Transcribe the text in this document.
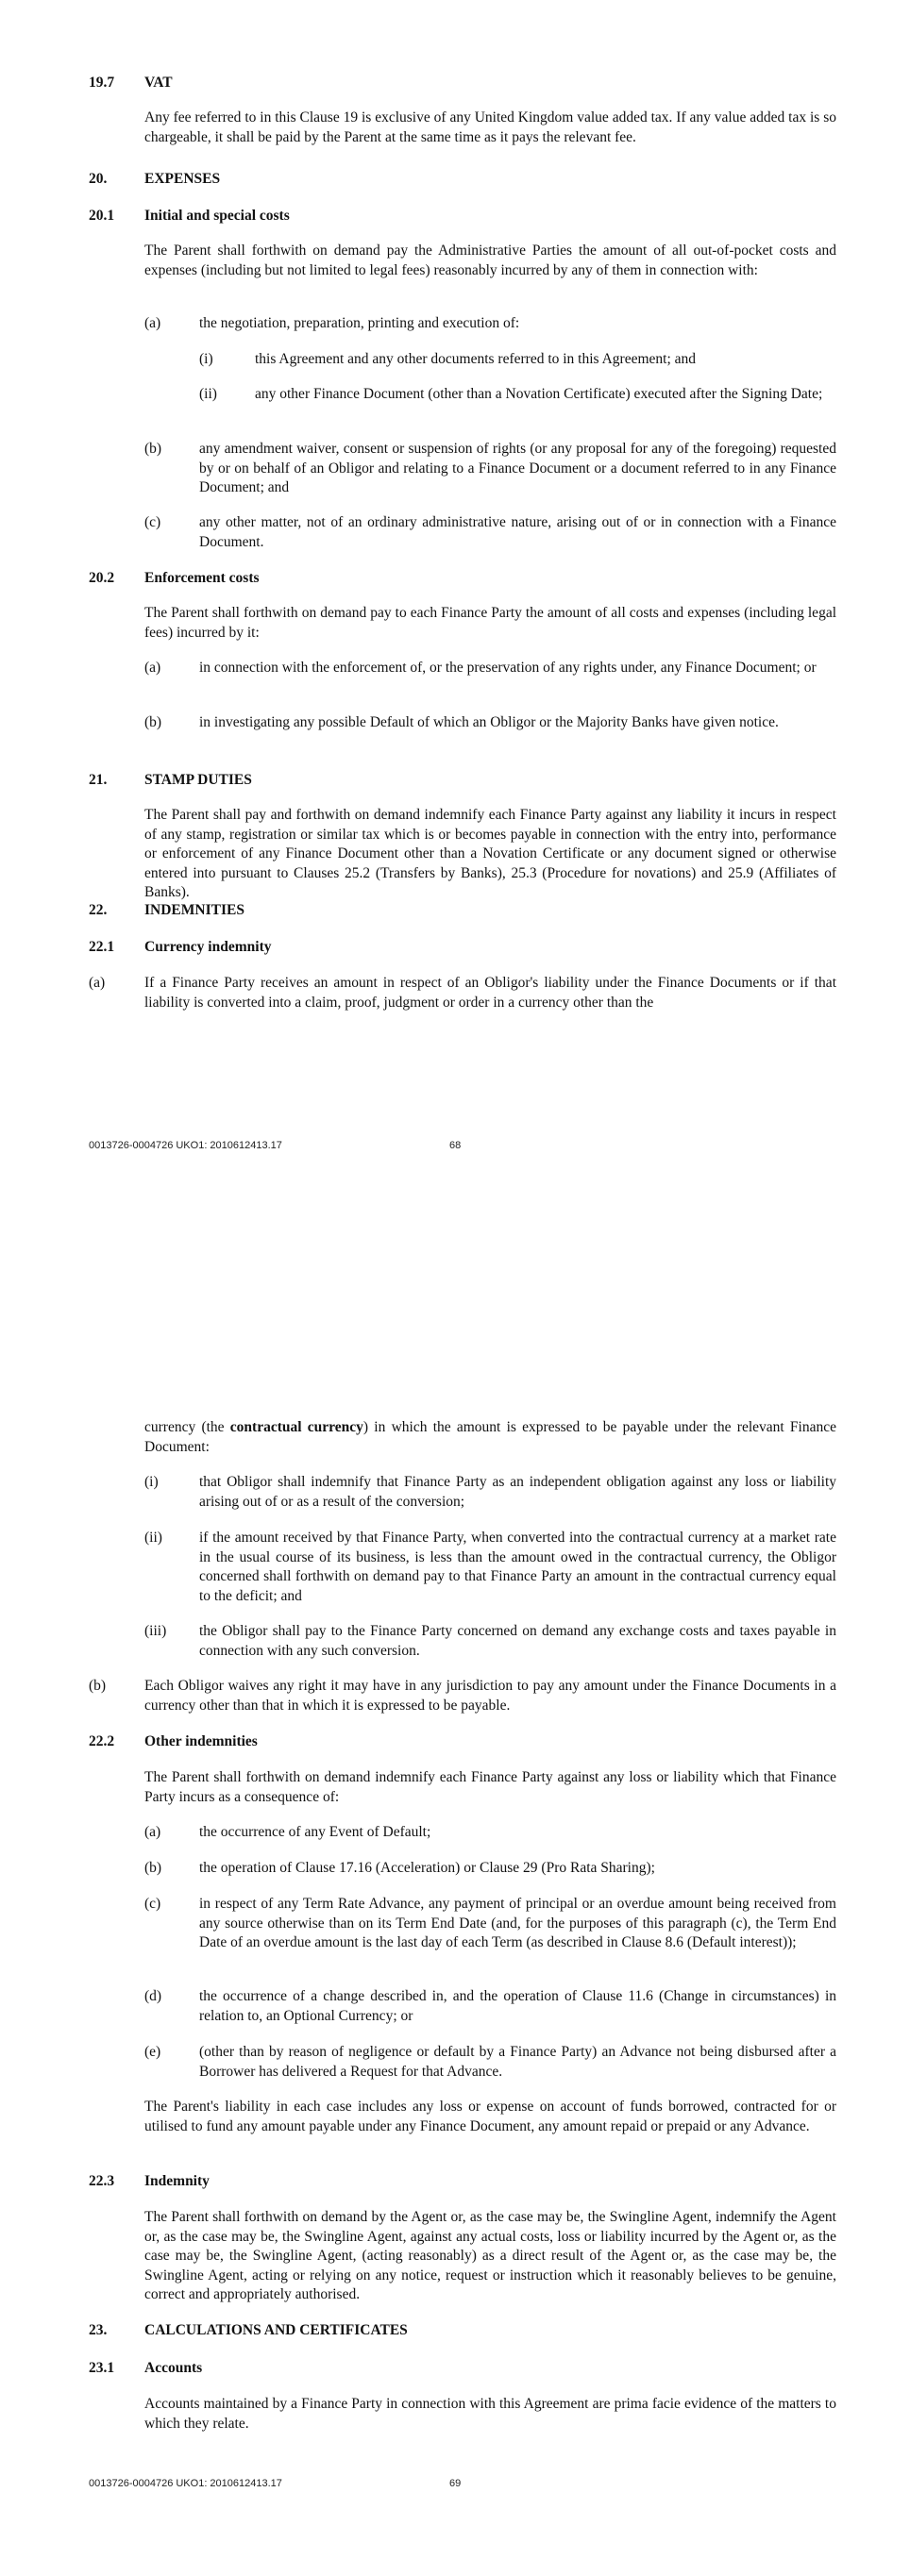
19.7 VAT

Any fee referred to in this Clause 19 is exclusive of any United Kingdom value added tax. If any value added tax is so chargeable, it shall be paid by the Parent at the same time as it pays the relevant fee.

20.	EXPENSES
20.1 Initial and special costs

The Parent shall forthwith on demand pay the Administrative Parties the amount of all out-of-pocket costs and expenses (including but not limited to legal fees) reasonably incurred by any of them in connection with:

(a)	the negotiation, preparation, printing and execution of:

(i)	this Agreement and any other documents referred to in this Agreement; and

(ii)	any other Finance Document (other than a Novation Certificate) executed after the Signing Date;

(b)	any amendment waiver, consent or suspension of rights (or any proposal for any of the foregoing) requested by or on behalf of an Obligor and relating to a Finance Document or a document referred to in any Finance Document; and

(c)	any other matter, not of an ordinary administrative nature, arising out of or in connection with a Finance Document.

20.2 Enforcement costs

The Parent shall forthwith on demand pay to each Finance Party the amount of all costs and expenses (including legal fees) incurred by it:

(a)	in connection with the enforcement of, or the preservation of any rights under, any Finance Document; or

(b)	in investigating any possible Default of which an Obligor or the Majority Banks have given notice.

21.	STAMP DUTIES

The Parent shall pay and forthwith on demand indemnify each Finance Party against any liability it incurs in respect of any stamp, registration or similar tax which is or becomes payable in connection with the entry into, performance or enforcement of any Finance Document other than a Novation Certificate or any document signed or otherwise entered into pursuant to Clauses 25.2 (Transfers by Banks), 25.3 (Procedure for novations) and 25.9 (Affiliates of Banks).

22.	INDEMNITIES
22.1 Currency indemnity
(a)	If a Finance Party receives an amount in respect of an Obligor's liability under the Finance Documents or if that liability is converted into a claim, proof, judgment or order in a currency other than the

0013726-0004726 UKO1: 2010612413.17	68

currency (the contractual currency) in which the amount is expressed to be payable under the relevant Finance Document:

(i)	that Obligor shall indemnify that Finance Party as an independent obligation against any loss or liability arising out of or as a result of the conversion;

(ii)	if the amount received by that Finance Party, when converted into the contractual currency at a market rate in the usual course of its business, is less than the amount owed in the contractual currency, the Obligor concerned shall forthwith on demand pay to that Finance Party an amount in the contractual currency equal to the deficit; and

(iii) the Obligor shall pay to the Finance Party concerned on demand any exchange costs and taxes payable in connection with any such conversion.

(b)	Each Obligor waives any right it may have in any jurisdiction to pay any amount under the Finance Documents in a currency other than that in which it is expressed to be payable.

22.2 Other indemnities

The Parent shall forthwith on demand indemnify each Finance Party against any loss or liability which that Finance Party incurs as a consequence of:

(a)	the occurrence of any Event of Default;

(b)	the operation of Clause 17.16 (Acceleration) or Clause 29 (Pro Rata Sharing);

(c)	in respect of any Term Rate Advance, any payment of principal or an overdue amount being received from any source otherwise than on its Term End Date (and, for the purposes of this paragraph (c), the Term End Date of an overdue amount is the last day of each Term (as described in Clause 8.6 (Default interest));

(d)	the occurrence of a change described in, and the operation of Clause 11.6 (Change in circumstances) in relation to, an Optional Currency; or

(e)	(other than by reason of negligence or default by a Finance Party) an Advance not being disbursed after a Borrower has delivered a Request for that Advance.

The Parent's liability in each case includes any loss or expense on account of funds borrowed, contracted for or utilised to fund any amount payable under any Finance Document, any amount repaid or prepaid or any Advance.

22.3 Indemnity

The Parent shall forthwith on demand by the Agent or, as the case may be, the Swingline Agent, indemnify the Agent or, as the case may be, the Swingline Agent, against any actual costs, loss or liability incurred by the Agent or, as the case may be, the Swingline Agent, (acting reasonably) as a direct result of the Agent or, as the case may be, the Swingline Agent, acting or relying on any notice, request or instruction which it reasonably believes to be genuine, correct and appropriately authorised.

23.	CALCULATIONS AND CERTIFICATES
23.1 Accounts

Accounts maintained by a Finance Party in connection with this Agreement are prima facie evidence of the matters to which they relate.

0013726-0004726 UKO1: 2010612413.17	69
